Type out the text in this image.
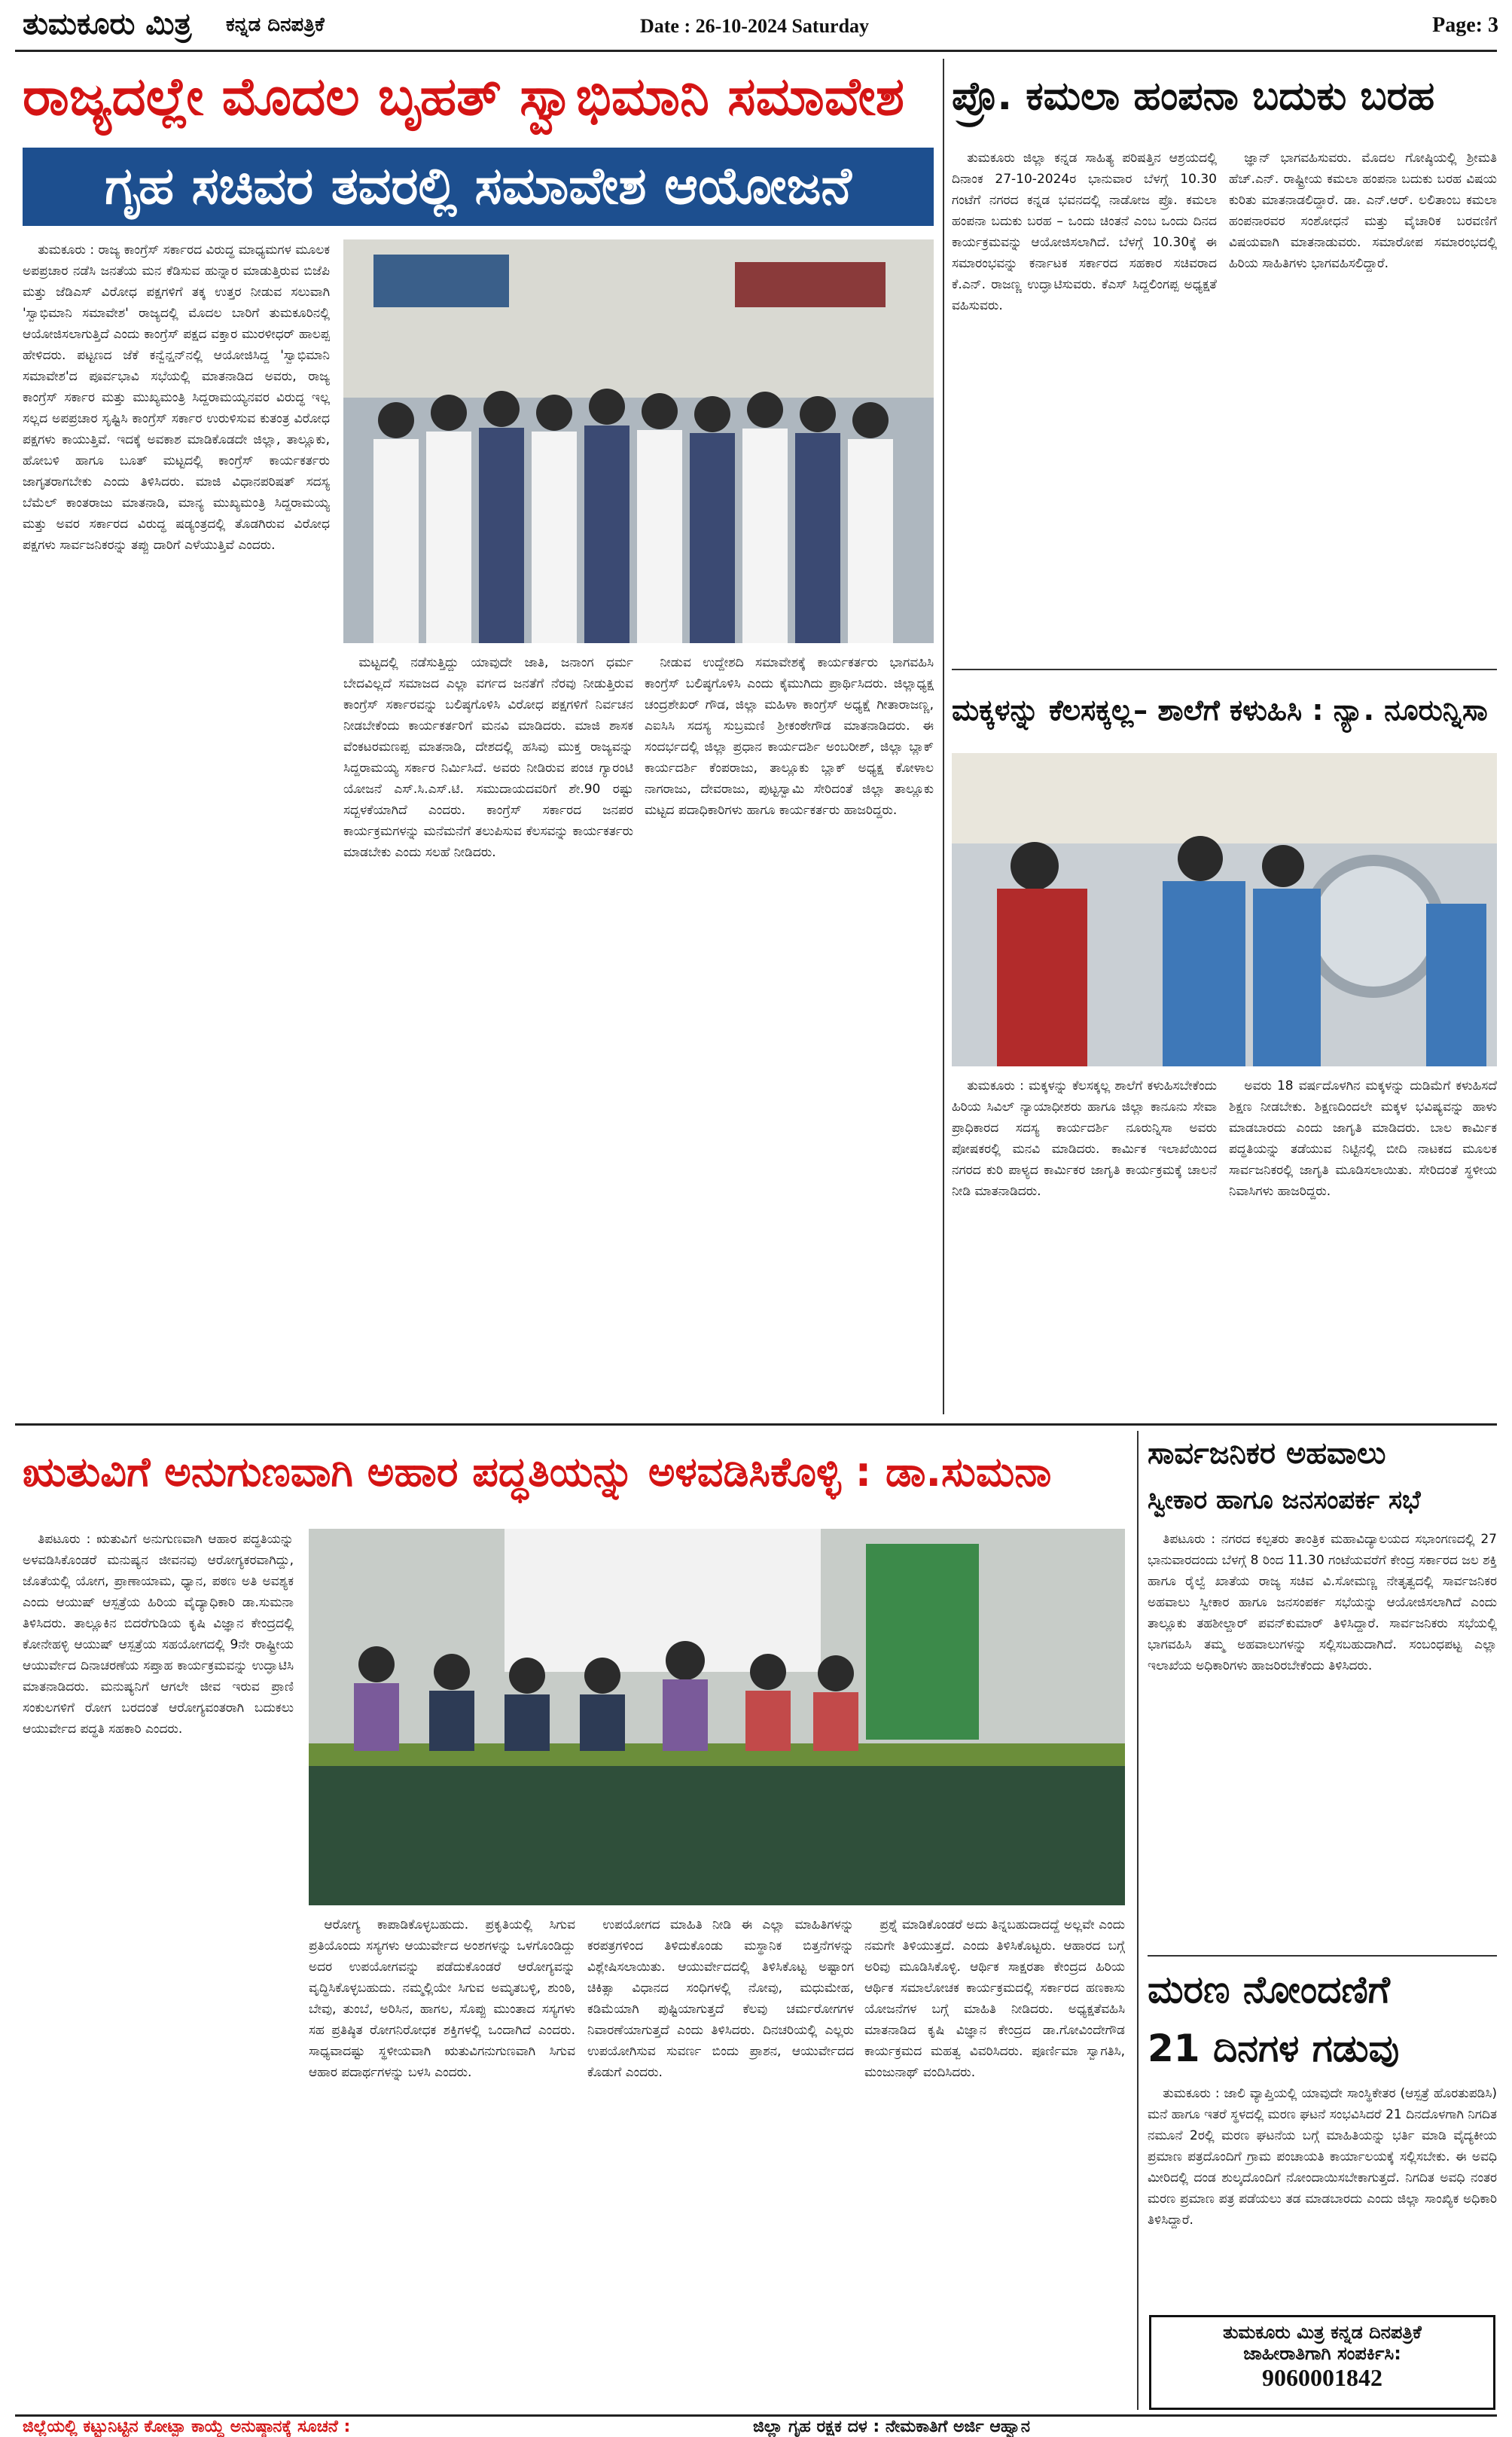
ತುಮಕೂರು ಮಿತ್ರ	ಕನ್ನಡ ದಿನಪತ್ರಿಕೆ	Date : 26-10-2024 Saturday	Page: 3
ರಾಜ್ಯದಲ್ಲೇ ಮೊದಲ ಬೃಹತ್ ಸ್ವಾಭಿಮಾನಿ ಸಮಾವೇಶ
ಗೃಹ ಸಚಿವರ ತವರಲ್ಲಿ ಸಮಾವೇಶ ಆಯೋಜನೆ

ತುಮಕೂರು : ರಾಜ್ಯ ಕಾಂಗ್ರೆಸ್ ಸರ್ಕಾರದ ವಿರುದ್ಧ ಮಾಧ್ಯಮಗಳ ಮೂಲಕ ಅಪಪ್ರಚಾರ ನಡೆಸಿ ಜನತೆಯ ಮನ ಕೆಡಿಸುವ ಹುನ್ನಾರ ಮಾಡುತ್ತಿರುವ ಬಿಜೆಪಿ ಮತ್ತು ಜೆಡಿಎಸ್ ವಿರೋಧ ಪಕ್ಷಗಳಿಗೆ ತಕ್ಕ ಉತ್ತರ ನೀಡುವ ಸಲುವಾಗಿ 'ಸ್ವಾಭಿಮಾನಿ ಸಮಾವೇಶ' ರಾಜ್ಯದಲ್ಲಿ ಮೊದಲ ಬಾರಿಗೆ ತುಮಕೂರಿನಲ್ಲಿ ಆಯೋಜಿಸಲಾಗುತ್ತಿದೆ ಎಂದು ಕಾಂಗ್ರೆಸ್ ಪಕ್ಷದ ವಕ್ತಾರ ಮುರಳೀಧರ್ ಹಾಲಪ್ಪ ಹೇಳಿದರು. ಪಟ್ಟಣದ ಜೆಕೆ ಕನ್ವೆನ್ಷನ್‌ನಲ್ಲಿ ಆಯೋಜಿಸಿದ್ದ 'ಸ್ವಾಭಿಮಾನಿ ಸಮಾವೇಶ'ದ ಪೂರ್ವಭಾವಿ ಸಭೆಯಲ್ಲಿ ಮಾತನಾಡಿದ ಅವರು, ರಾಜ್ಯ ಕಾಂಗ್ರೆಸ್ ಸರ್ಕಾರ ಮತ್ತು ಮುಖ್ಯಮಂತ್ರಿ ಸಿದ್ದರಾಮಯ್ಯನವರ ವಿರುದ್ಧ ಇಲ್ಲ ಸಲ್ಲದ ಅಪಪ್ರಚಾರ ಸೃಷ್ಟಿಸಿ ಕಾಂಗ್ರೆಸ್ ಸರ್ಕಾರ ಉರುಳಿಸುವ ಕುತಂತ್ರ ವಿರೋಧ ಪಕ್ಷಗಳು ಕಾಯುತ್ತಿವೆ. ಇದಕ್ಕೆ ಅವಕಾಶ ಮಾಡಿಕೊಡದೇ ಜಿಲ್ಲಾ, ತಾಲ್ಲೂಕು, ಹೋಬಳಿ ಹಾಗೂ ಬೂತ್ ಮಟ್ಟದಲ್ಲಿ ಕಾಂಗ್ರೆಸ್ ಕಾರ್ಯಕರ್ತರು ಜಾಗೃತರಾಗಬೇಕು ಎಂದು ತಿಳಿಸಿದರು. ಮಾಜಿ ವಿಧಾನಪರಿಷತ್ ಸದಸ್ಯ ಬೆಮೆಲ್ ಕಾಂತರಾಜು ಮಾತನಾಡಿ, ಮಾನ್ಯ ಮುಖ್ಯಮಂತ್ರಿ ಸಿದ್ದರಾಮಯ್ಯ ಮತ್ತು ಅವರ ಸರ್ಕಾರದ ವಿರುದ್ಧ ಷಡ್ಯಂತ್ರದಲ್ಲಿ ತೊಡಗಿರುವ ವಿರೋಧ ಪಕ್ಷಗಳು ಸಾರ್ವಜನಿಕರನ್ನು ತಪ್ಪು ದಾರಿಗೆ ಎಳೆಯುತ್ತಿವೆ ಎಂದರು.

ಮಟ್ಟದಲ್ಲಿ ನಡೆಸುತ್ತಿದ್ದು ಯಾವುದೇ ಜಾತಿ, ಜನಾಂಗ ಧರ್ಮ ಬೇದವಿಲ್ಲದೆ ಸಮಾಜದ ಎಲ್ಲಾ ವರ್ಗದ ಜನತೆಗೆ ನೆರವು ನೀಡುತ್ತಿರುವ ಕಾಂಗ್ರೆಸ್ ಸರ್ಕಾರವನ್ನು ಬಲಿಷ್ಠಗೊಳಿಸಿ ವಿರೋಧ ಪಕ್ಷಗಳಿಗೆ ನಿರ್ವಚನ ನೀಡಬೇಕೆಂದು ಕಾರ್ಯಕರ್ತರಿಗೆ ಮನವಿ ಮಾಡಿದರು. ಮಾಜಿ ಶಾಸಕ ವೆಂಕಟರಮಣಪ್ಪ ಮಾತನಾಡಿ, ದೇಶದಲ್ಲಿ ಹಸಿವು ಮುಕ್ತ ರಾಜ್ಯವನ್ನು ಸಿದ್ದರಾಮಯ್ಯ ಸರ್ಕಾರ ನಿರ್ಮಿಸಿದೆ. ಅವರು ನೀಡಿರುವ ಪಂಚ ಗ್ಯಾರಂಟಿ ಯೋಜನೆ ಎಸ್.ಸಿ.ಎಸ್.ಟಿ. ಸಮುದಾಯದವರಿಗೆ ಶೇ.90 ರಷ್ಟು ಸದ್ಬಳಕೆಯಾಗಿದೆ ಎಂದರು. ಕಾಂಗ್ರೆಸ್ ಸರ್ಕಾರದ ಜನಪರ ಕಾರ್ಯಕ್ರಮಗಳನ್ನು ಮನೆಮನೆಗೆ ತಲುಪಿಸುವ ಕೆಲಸವನ್ನು ಕಾರ್ಯಕರ್ತರು ಮಾಡಬೇಕು ಎಂದು ಸಲಹೆ ನೀಡಿದರು.

ನೀಡುವ ಉದ್ದೇಶದಿ ಸಮಾವೇಶಕ್ಕೆ ಕಾರ್ಯಕರ್ತರು ಭಾಗವಹಿಸಿ ಕಾಂಗ್ರೆಸ್ ಬಲಿಷ್ಠಗೊಳಿಸಿ ಎಂದು ಕೈಮುಗಿದು ಪ್ರಾರ್ಥಿಸಿದರು. ಜಿಲ್ಲಾಧ್ಯಕ್ಷ ಚಂದ್ರಶೇಖರ್ ಗೌಡ, ಜಿಲ್ಲಾ ಮಹಿಳಾ ಕಾಂಗ್ರೆಸ್ ಅಧ್ಯಕ್ಷೆ ಗೀತಾರಾಜಣ್ಣ, ಎಐಸಿಸಿ ಸದಸ್ಯ ಸುಬ್ರಮಣಿ ಶ್ರೀಕಂಠೇಗೌಡ ಮಾತನಾಡಿದರು. ಈ ಸಂದರ್ಭದಲ್ಲಿ ಜಿಲ್ಲಾ ಪ್ರಧಾನ ಕಾರ್ಯದರ್ಶಿ ಅಂಬರೀಶ್, ಜಿಲ್ಲಾ ಬ್ಲಾಕ್ ಕಾರ್ಯದರ್ಶಿ ಕೆಂಪರಾಜು, ತಾಲ್ಲೂಕು ಬ್ಲಾಕ್ ಅಧ್ಯಕ್ಷ ಕೋಳಾಲ ನಾಗರಾಜು, ದೇವರಾಜು, ಪುಟ್ಟಸ್ವಾಮಿ ಸೇರಿದಂತೆ ಜಿಲ್ಲಾ ತಾಲ್ಲೂಕು ಮಟ್ಟದ ಪದಾಧಿಕಾರಿಗಳು ಹಾಗೂ ಕಾರ್ಯಕರ್ತರು ಹಾಜರಿದ್ದರು.

ಪ್ರೊ. ಕಮಲಾ ಹಂಪನಾ ಬದುಕು ಬರಹ

ತುಮಕೂರು ಜಿಲ್ಲಾ ಕನ್ನಡ ಸಾಹಿತ್ಯ ಪರಿಷತ್ತಿನ ಆಶ್ರಯದಲ್ಲಿ ದಿನಾಂಕ 27-10-2024ರ ಭಾನುವಾರ ಬೆಳಗ್ಗೆ 10.30 ಗಂಟೆಗೆ ನಗರದ ಕನ್ನಡ ಭವನದಲ್ಲಿ ನಾಡೋಜ ಪ್ರೊ. ಕಮಲಾ ಹಂಪನಾ ಬದುಕು ಬರಹ – ಒಂದು ಚಿಂತನೆ ಎಂಬ ಒಂದು ದಿನದ ಕಾರ್ಯಕ್ರಮವನ್ನು ಆಯೋಜಿಸಲಾಗಿದೆ. ಬೆಳಗ್ಗೆ 10.30ಕ್ಕೆ ಈ ಸಮಾರಂಭವನ್ನು ಕರ್ನಾಟಕ ಸರ್ಕಾರದ ಸಹಕಾರ ಸಚಿವರಾದ ಕೆ.ಎನ್. ರಾಜಣ್ಣ ಉದ್ಘಾಟಿಸುವರು. ಕೆಎಸ್ ಸಿದ್ದಲಿಂಗಪ್ಪ ಅಧ್ಯಕ್ಷತೆ ವಹಿಸುವರು.

ಜ್ಞಾನ್ ಭಾಗವಹಿಸುವರು. ಮೊದಲ ಗೋಷ್ಠಿಯಲ್ಲಿ ಶ್ರೀಮತಿ ಹೆಚ್.ಎನ್. ರಾಷ್ಟ್ರೀಯ ಕಮಲಾ ಹಂಪನಾ ಬದುಕು ಬರಹ ವಿಷಯ ಕುರಿತು ಮಾತನಾಡಲಿದ್ದಾರೆ. ಡಾ. ಎನ್.ಆರ್. ಲಲಿತಾಂಬ ಕಮಲಾ ಹಂಪನಾರವರ ಸಂಶೋಧನೆ ಮತ್ತು ವೈಚಾರಿಕ ಬರವಣಿಗೆ ವಿಷಯವಾಗಿ ಮಾತನಾಡುವರು. ಸಮಾರೋಪ ಸಮಾರಂಭದಲ್ಲಿ ಹಿರಿಯ ಸಾಹಿತಿಗಳು ಭಾಗವಹಿಸಲಿದ್ದಾರೆ.

ಮಕ್ಕಳನ್ನು ಕೆಲಸಕ್ಕಲ್ಲ– ಶಾಲೆಗೆ ಕಳುಹಿಸಿ : ನ್ಯಾ. ನೂರುನ್ನಿಸಾ

ತುಮಕೂರು : ಮಕ್ಕಳನ್ನು ಕೆಲಸಕ್ಕಲ್ಲ ಶಾಲೆಗೆ ಕಳುಹಿಸಬೇಕೆಂದು ಹಿರಿಯ ಸಿವಿಲ್ ನ್ಯಾಯಾಧೀಶರು ಹಾಗೂ ಜಿಲ್ಲಾ ಕಾನೂನು ಸೇವಾ ಪ್ರಾಧಿಕಾರದ ಸದಸ್ಯ ಕಾರ್ಯದರ್ಶಿ ನೂರುನ್ನಿಸಾ ಅವರು ಪೋಷಕರಲ್ಲಿ ಮನವಿ ಮಾಡಿದರು. ಕಾರ್ಮಿಕ ಇಲಾಖೆಯಿಂದ ನಗರದ ಕುರಿ ಪಾಳ್ಯದ ಕಾರ್ಮಿಕರ ಜಾಗೃತಿ ಕಾರ್ಯಕ್ರಮಕ್ಕೆ ಚಾಲನೆ ನೀಡಿ ಮಾತನಾಡಿದರು.

ಅವರು 18 ವರ್ಷದೊಳಗಿನ ಮಕ್ಕಳನ್ನು ದುಡಿಮೆಗೆ ಕಳುಹಿಸದೆ ಶಿಕ್ಷಣ ನೀಡಬೇಕು. ಶಿಕ್ಷಣದಿಂದಲೇ ಮಕ್ಕಳ ಭವಿಷ್ಯವನ್ನು ಹಾಳು ಮಾಡಬಾರದು ಎಂದು ಜಾಗೃತಿ ಮಾಡಿದರು. ಬಾಲ ಕಾರ್ಮಿಕ ಪದ್ಧತಿಯನ್ನು ತಡೆಯುವ ನಿಟ್ಟಿನಲ್ಲಿ ಬೀದಿ ನಾಟಕದ ಮೂಲಕ ಸಾರ್ವಜನಿಕರಲ್ಲಿ ಜಾಗೃತಿ ಮೂಡಿಸಲಾಯಿತು. ಸೇರಿದಂತೆ ಸ್ಥಳೀಯ ನಿವಾಸಿಗಳು ಹಾಜರಿದ್ದರು.

ಋತುವಿಗೆ ಅನುಗುಣವಾಗಿ ಅಹಾರ ಪದ್ಧತಿಯನ್ನು ಅಳವಡಿಸಿಕೊಳ್ಳಿ : ಡಾ.ಸುಮನಾ

ತಿಪಟೂರು : ಋತುವಿಗೆ ಅನುಗುಣವಾಗಿ ಆಹಾರ ಪದ್ಧತಿಯನ್ನು ಅಳವಡಿಸಿಕೊಂಡರೆ ಮನುಷ್ಯನ ಜೀವನವು ಆರೋಗ್ಯಕರವಾಗಿದ್ದು, ಜೊತೆಯಲ್ಲಿ ಯೋಗ, ಪ್ರಾಣಾಯಾಮ, ಧ್ಯಾನ, ಪಠಣ ಅತಿ ಅವಶ್ಯಕ ಎಂದು ಆಯುಷ್ ಆಸ್ಪತ್ರೆಯ ಹಿರಿಯ ವೈದ್ಯಾಧಿಕಾರಿ ಡಾ.ಸುಮನಾ ತಿಳಿಸಿದರು. ತಾಲ್ಲೂಕಿನ ಬಿದರೆಗುಡಿಯ ಕೃಷಿ ವಿಜ್ಞಾನ ಕೇಂದ್ರದಲ್ಲಿ ಕೋನೇಹಳ್ಳಿ ಆಯುಷ್ ಆಸ್ಪತ್ರೆಯ ಸಹಯೋಗದಲ್ಲಿ 9ನೇ ರಾಷ್ಟ್ರೀಯ ಆಯುರ್ವೇದ ದಿನಾಚರಣೆಯ ಸಪ್ತಾಹ ಕಾರ್ಯಕ್ರಮವನ್ನು ಉದ್ಘಾಟಿಸಿ ಮಾತನಾಡಿದರು. ಮನುಷ್ಯನಿಗೆ ಆಗಲೇ ಜೀವ ಇರುವ ಪ್ರಾಣಿ ಸಂಕುಲಗಳಿಗೆ ರೋಗ ಬರದಂತೆ ಆರೋಗ್ಯವಂತರಾಗಿ ಬದುಕಲು ಆಯುರ್ವೇದ ಪದ್ಧತಿ ಸಹಕಾರಿ ಎಂದರು.

ಆರೋಗ್ಯ ಕಾಪಾಡಿಕೊಳ್ಳಬಹುದು. ಪ್ರಕೃತಿಯಲ್ಲಿ ಸಿಗುವ ಪ್ರತಿಯೊಂದು ಸಸ್ಯಗಳು ಆಯುರ್ವೇದ ಅಂಶಗಳನ್ನು ಒಳಗೊಂಡಿದ್ದು ಅದರ ಉಪಯೋಗವನ್ನು ಪಡೆದುಕೊಂಡರೆ ಆರೋಗ್ಯವನ್ನು ವೃದ್ಧಿಸಿಕೊಳ್ಳಬಹುದು. ನಮ್ಮಲ್ಲಿಯೇ ಸಿಗುವ ಅಮೃತಬಳ್ಳಿ, ಶುಂಠಿ, ಬೇವು, ತುಂಬೆ, ಅರಿಸಿನ, ಹಾಗಲ, ಸೊಪ್ಪು ಮುಂತಾದ ಸಸ್ಯಗಳು ಸಹ ಪ್ರತಿಷ್ಠಿತ ರೋಗನಿರೋಧಕ ಶಕ್ತಿಗಳಲ್ಲಿ ಒಂದಾಗಿದೆ ಎಂದರು. ಸಾಧ್ಯವಾದಷ್ಟು ಸ್ಥಳೀಯವಾಗಿ ಋತುವಿಗನುಗುಣವಾಗಿ ಸಿಗುವ ಆಹಾರ ಪದಾರ್ಥಗಳನ್ನು ಬಳಸಿ ಎಂದರು.

ಉಪಯೋಗದ ಮಾಹಿತಿ ನೀಡಿ ಈ ಎಲ್ಲಾ ಮಾಹಿತಿಗಳನ್ನು ಕರಪತ್ರಗಳಿಂದ ತಿಳಿದುಕೊಂಡು ಮಸ್ಥಾನಿಕ ಬಿತ್ತನೆಗಳನ್ನು ವಿಶ್ಲೇಷಿಸಲಾಯಿತು. ಆಯುರ್ವೇದದಲ್ಲಿ ತಿಳಿಸಿಕೊಟ್ಟ ಅಷ್ಟಾಂಗ ಚಿಕಿತ್ಸಾ ವಿಧಾನದ ಸಂಧಿಗಳಲ್ಲಿ ನೋವು, ಮಧುಮೇಹ, ಕಡಿಮೆಯಾಗಿ ಪುಷ್ಟಿಯಾಗುತ್ತದೆ ಕೆಲವು ಚರ್ಮರೋಗಗಳ ನಿವಾರಣೆಯಾಗುತ್ತದೆ ಎಂದು ತಿಳಿಸಿದರು. ದಿನಚರಿಯಲ್ಲಿ ಎಲ್ಲರು ಉಪಯೋಗಿಸುವ ಸುವರ್ಣ ಬಿಂದು ಪ್ರಾಶನ, ಆಯುರ್ವೇದದ ಕೊಡುಗೆ ಎಂದರು.

ಪ್ರಶ್ನೆ ಮಾಡಿಕೊಂಡರೆ ಅದು ತಿನ್ನಬಹುದಾದದ್ದೆ ಅಲ್ಲವೇ ಎಂದು ನಮಗೇ ತಿಳಿಯುತ್ತದೆ. ಎಂದು ತಿಳಿಸಿಕೊಟ್ಟರು. ಆಹಾರದ ಬಗ್ಗೆ ಅರಿವು ಮೂಡಿಸಿಕೊಳ್ಳಿ. ಆರ್ಥಿಕ ಸಾಕ್ಷರತಾ ಕೇಂದ್ರದ ಹಿರಿಯ ಆರ್ಥಿಕ ಸಮಾಲೋಚಕ ಕಾರ್ಯಕ್ರಮದಲ್ಲಿ ಸರ್ಕಾರದ ಹಣಕಾಸು ಯೋಜನೆಗಳ ಬಗ್ಗೆ ಮಾಹಿತಿ ನೀಡಿದರು. ಅಧ್ಯಕ್ಷತೆವಹಿಸಿ ಮಾತನಾಡಿದ ಕೃಷಿ ವಿಜ್ಞಾನ ಕೇಂದ್ರದ ಡಾ.ಗೋವಿಂದೇಗೌಡ ಕಾರ್ಯಕ್ರಮದ ಮಹತ್ವ ವಿವರಿಸಿದರು. ಪೂರ್ಣಿಮಾ ಸ್ವಾಗತಿಸಿ, ಮಂಜುನಾಥ್ ವಂದಿಸಿದರು.

ಸಾರ್ವಜನಿಕರ ಅಹವಾಲು
ಸ್ವೀಕಾರ ಹಾಗೂ ಜನಸಂಪರ್ಕ ಸಭೆ

ತಿಪಟೂರು : ನಗರದ ಕಲ್ಪತರು ತಾಂತ್ರಿಕ ಮಹಾವಿದ್ಯಾಲಯದ ಸಭಾಂಗಣದಲ್ಲಿ 27 ಭಾನುವಾರದಂದು ಬೆಳಗ್ಗೆ 8 ರಿಂದ 11.30 ಗಂಟೆಯವರೆಗೆ ಕೇಂದ್ರ ಸರ್ಕಾರದ ಜಲ ಶಕ್ತಿ ಹಾಗೂ ರೈಲ್ವೆ ಖಾತೆಯ ರಾಜ್ಯ ಸಚಿವ ವಿ.ಸೋಮಣ್ಣ ನೇತೃತ್ವದಲ್ಲಿ ಸಾರ್ವಜನಿಕರ ಅಹವಾಲು ಸ್ವೀಕಾರ ಹಾಗೂ ಜನಸಂಪರ್ಕ ಸಭೆಯನ್ನು ಆಯೋಜಿಸಲಾಗಿದೆ ಎಂದು ತಾಲ್ಲೂಕು ತಹಶೀಲ್ದಾರ್ ಪವನ್‌ಕುಮಾರ್ ತಿಳಿಸಿದ್ದಾರೆ. ಸಾರ್ವಜನಿಕರು ಸಭೆಯಲ್ಲಿ ಭಾಗವಹಿಸಿ ತಮ್ಮ ಅಹವಾಲುಗಳನ್ನು ಸಲ್ಲಿಸಬಹುದಾಗಿದೆ. ಸಂಬಂಧಪಟ್ಟ ಎಲ್ಲಾ ಇಲಾಖೆಯ ಅಧಿಕಾರಿಗಳು ಹಾಜರಿರಬೇಕೆಂದು ತಿಳಿಸಿದರು.

ಮರಣ ನೋಂದಣಿಗೆ
21 ದಿನಗಳ ಗಡುವು

ತುಮಕೂರು : ಜಾಲಿ ವ್ಯಾಪ್ತಿಯಲ್ಲಿ ಯಾವುದೇ ಸಾಂಸ್ಥಿಕೇತರ (ಆಸ್ಪತ್ರೆ ಹೊರತುಪಡಿಸಿ) ಮನೆ ಹಾಗೂ ಇತರೆ ಸ್ಥಳದಲ್ಲಿ ಮರಣ ಘಟನೆ ಸಂಭವಿಸಿದರೆ 21 ದಿನದೊಳಗಾಗಿ ನಿಗದಿತ ನಮೂನೆ 2ರಲ್ಲಿ ಮರಣ ಘಟನೆಯ ಬಗ್ಗೆ ಮಾಹಿತಿಯನ್ನು ಭರ್ತಿ ಮಾಡಿ ವೈದ್ಯಕೀಯ ಪ್ರಮಾಣ ಪತ್ರದೊಂದಿಗೆ ಗ್ರಾಮ ಪಂಚಾಯತಿ ಕಾರ್ಯಾಲಯಕ್ಕೆ ಸಲ್ಲಿಸಬೇಕು. ಈ ಅವಧಿ ಮೀರಿದಲ್ಲಿ ದಂಡ ಶುಲ್ಕದೊಂದಿಗೆ ನೋಂದಾಯಿಸಬೇಕಾಗುತ್ತದೆ. ನಿಗದಿತ ಅವಧಿ ನಂತರ ಮರಣ ಪ್ರಮಾಣ ಪತ್ರ ಪಡೆಯಲು ತಡ ಮಾಡಬಾರದು ಎಂದು ಜಿಲ್ಲಾ ಸಾಂಖ್ಯಿಕ ಅಧಿಕಾರಿ ತಿಳಿಸಿದ್ದಾರೆ.

ತುಮಕೂರು ಮಿತ್ರ ಕನ್ನಡ ದಿನಪತ್ರಿಕೆ
ಜಾಹೀರಾತಿಗಾಗಿ ಸಂಪರ್ಕಿಸಿ:
9060001842
ಜಿಲ್ಲೆಯಲ್ಲಿ ಕಟ್ಟುನಿಟ್ಟಿನ ಕೋಟ್ಪಾ ಕಾಯ್ದೆ ಅನುಷ್ಠಾನಕ್ಕೆ ಸೂಚನೆ :	ಜಿಲ್ಲಾ ಗೃಹ ರಕ್ಷಕ ದಳ : ನೇಮಕಾತಿಗೆ ಅರ್ಜಿ ಆಹ್ವಾನ
